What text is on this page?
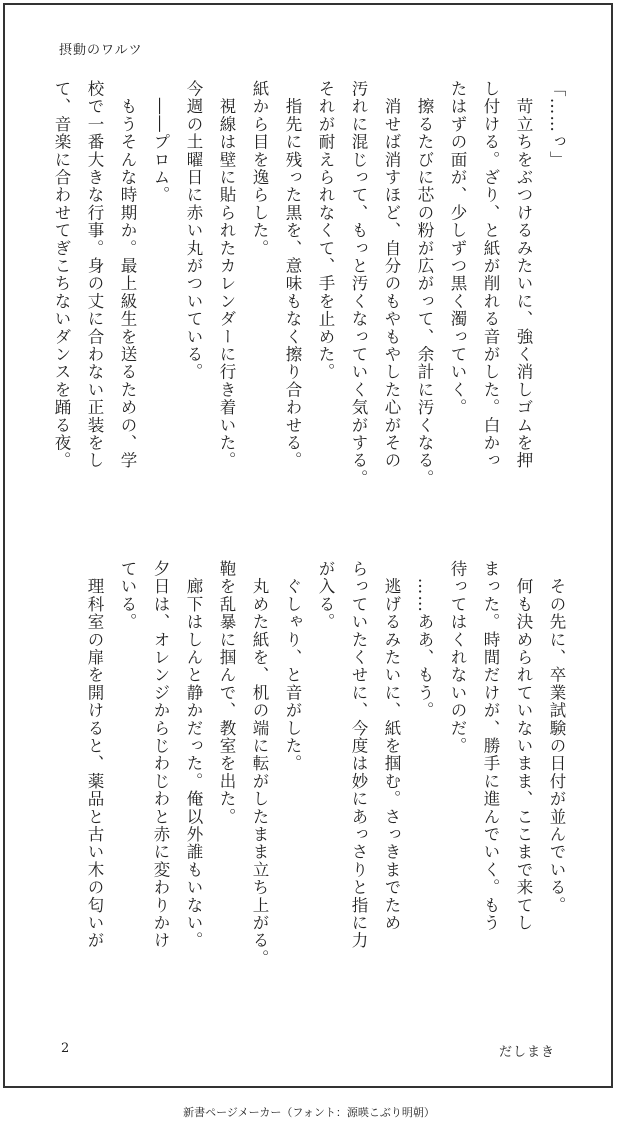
摂動のワルツ
「……っ」
　苛立ちをぶつけるみたいに、強く消しゴムを押
し付ける。ざり、と紙が削れる音がした。白かっ
たはずの面が、少しずつ黒く濁っていく。
　擦るたびに芯の粉が広がって、余計に汚くなる。
　消せば消すほど、自分のもやもやした心がその
汚れに混じって、もっと汚くなっていく気がする。
それが耐えられなくて、手を止めた。
　指先に残った黒を、意味もなく擦り合わせる。
紙から目を逸らした。
　視線は壁に貼られたカレンダーに行き着いた。
今週の土曜日に赤い丸がついている。
　――プロム。
　もうそんな時期か。最上級生を送るための、学
校で一番大きな行事。身の丈に合わない正装をし
て、音楽に合わせてぎこちないダンスを踊る夜。
　その先に、卒業試験の日付が並んでいる。
　何も決められていないまま、ここまで来てし
まった。時間だけが、勝手に進んでいく。もう
待ってはくれないのだ。
　……ああ、もう。
　逃げるみたいに、紙を掴む。さっきまでため
らっていたくせに、今度は妙にあっさりと指に力
が入る。
　ぐしゃり、と音がした。
　丸めた紙を、机の端に転がしたまま立ち上がる。
鞄を乱暴に掴んで、教室を出た。
　廊下はしんと静かだった。俺以外誰もいない。
夕日は、オレンジからじわじわと赤に変わりかけ
ている。
　理科室の扉を開けると、薬品と古い木の匂いが
2	だしまき
新書ページメーカー（フォント：源暎こぶり明朝）
